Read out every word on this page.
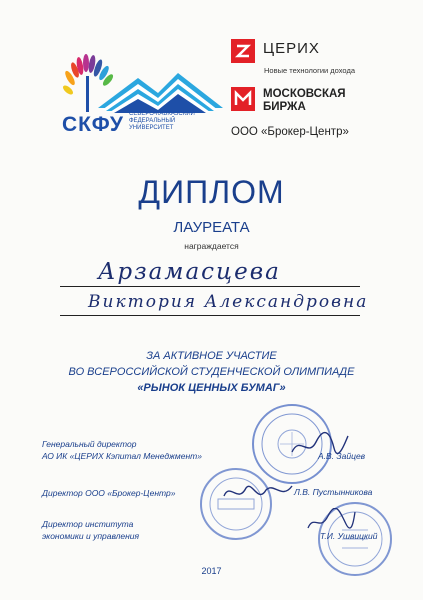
СКФУ СЕВЕРО-КАВКАЗСКИЙ ФЕДЕРАЛЬНЫЙ УНИВЕРСИТЕТ
ЦЕРИХ
Новые технологии дохода
МОСКОВСКАЯ
БИРЖА
ООО «Брокер-Центр»
ДИПЛОМ
ЛАУРЕАТА
награждается
Арзамасцева
Виктория Александровна
ЗА АКТИВНОЕ УЧАСТИЕ
ВО ВСЕРОССИЙСКОЙ СТУДЕНЧЕСКОЙ ОЛИМПИАДЕ
«РЫНОК ЦЕННЫХ БУМАГ»
Генеральный директор
АО ИК «ЦЕРИХ Кэпитал Менеджмент»	А.В. Зайцев
Директор ООО «Брокер-Центр»	Л.В. Пустынникова
Директор института
экономики и управления	Т.И. Ушвицкий
2017
